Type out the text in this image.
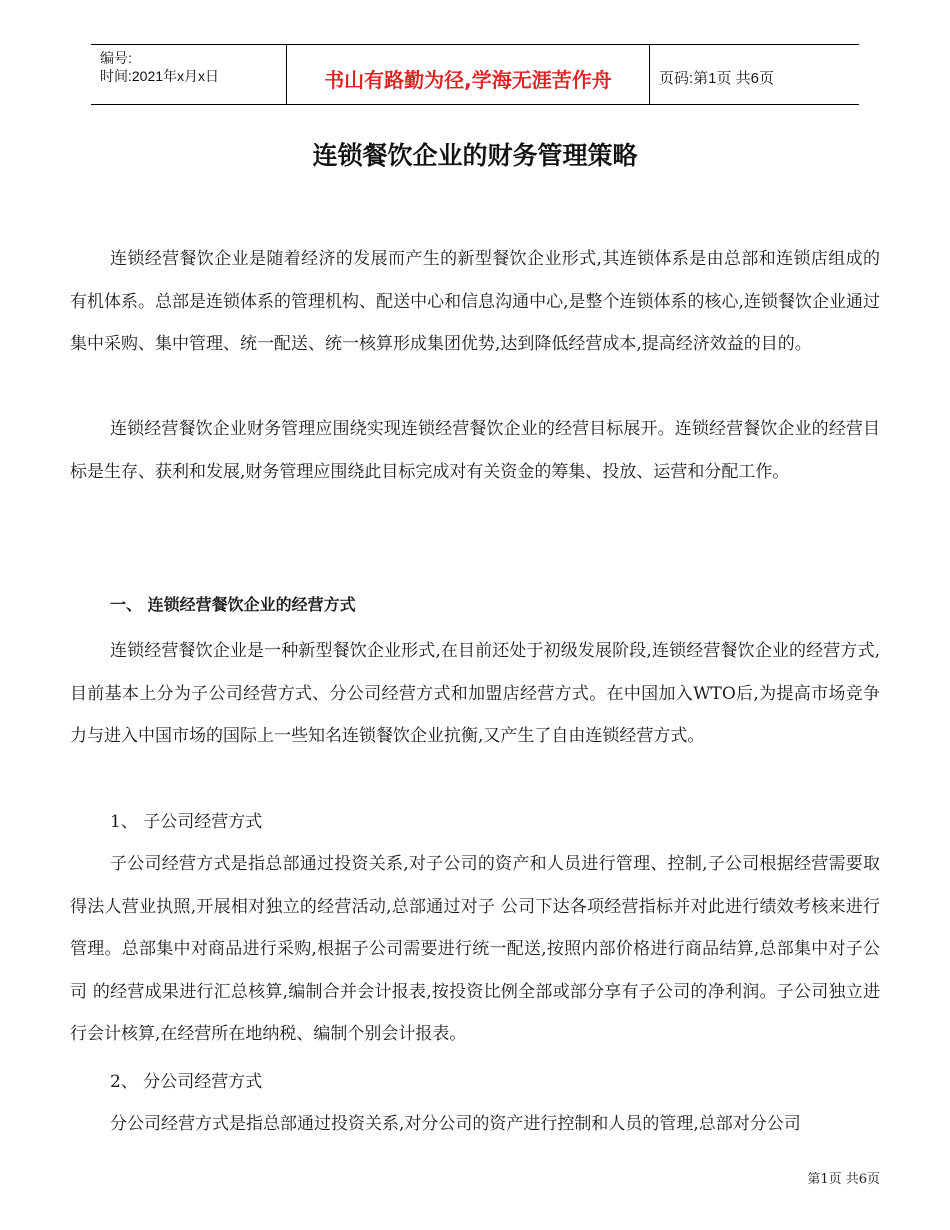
编号:
时间:2021年x月x日	书山有路勤为径,学海无涯苦作舟	页码:第1页 共6页
连锁餐饮企业的财务管理策略

连锁经营餐饮企业是随着经济的发展而产生的新型餐饮企业形式,其连锁体系是由总部和连锁店组成的有机体系。总部是连锁体系的管理机构、配送中心和信息沟通中心,是整个连锁体系的核心,连锁餐饮企业通过集中采购、集中管理、统一配送、统一核算形成集团优势,达到降低经营成本,提高经济效益的目的。

连锁经营餐饮企业财务管理应围绕实现连锁经营餐饮企业的经营目标展开。连锁经营餐饮企业的经营目标是生存、获利和发展,财务管理应围绕此目标完成对有关资金的筹集、投放、运营和分配工作。

一、 连锁经营餐饮企业的经营方式

连锁经营餐饮企业是一种新型餐饮企业形式,在目前还处于初级发展阶段,连锁经营餐饮企业的经营方式,目前基本上分为子公司经营方式、分公司经营方式和加盟店经营方式。在中国加入WTO后,为提高市场竞争力与进入中国市场的国际上一些知名连锁餐饮企业抗衡,又产生了自由连锁经营方式。

1、 子公司经营方式

子公司经营方式是指总部通过投资关系,对子公司的资产和人员进行管理、控制,子公司根据经营需要取得法人营业执照,开展相对独立的经营活动,总部通过对子 公司下达各项经营指标并对此进行绩效考核来进行管理。总部集中对商品进行采购,根据子公司需要进行统一配送,按照内部价格进行商品结算,总部集中对子公司 的经营成果进行汇总核算,编制合并会计报表,按投资比例全部或部分享有子公司的净利润。子公司独立进行会计核算,在经营所在地纳税、编制个别会计报表。

2、 分公司经营方式

分公司经营方式是指总部通过投资关系,对分公司的资产进行控制和人员的管理,总部对分公司

第1页 共6页
